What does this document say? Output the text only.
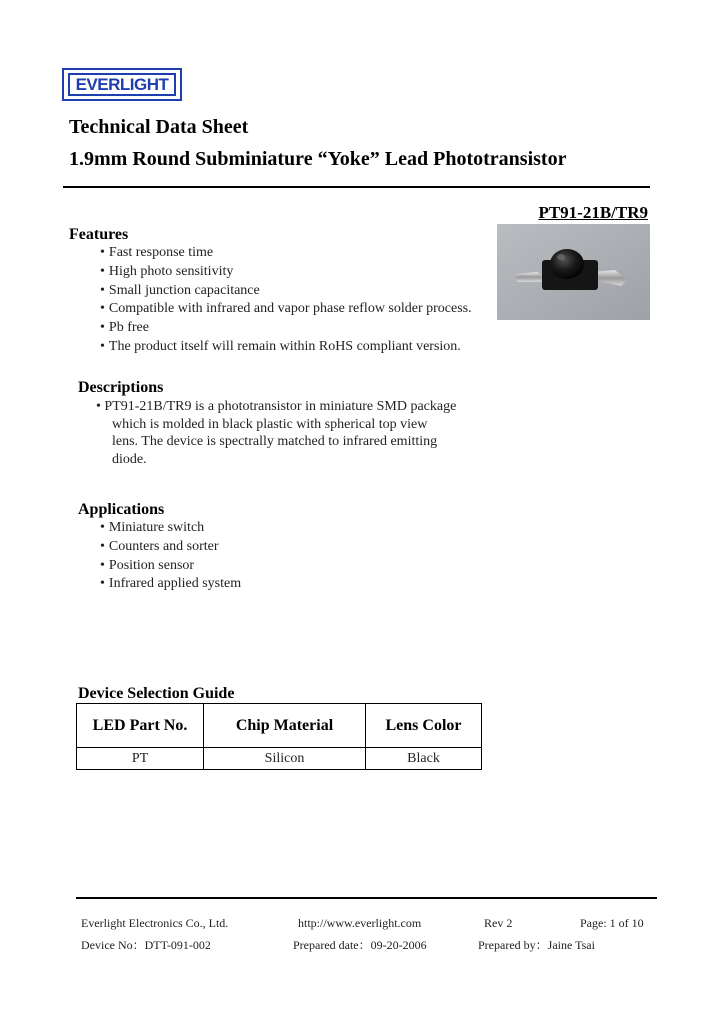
EVERLIGHT
Technical Data Sheet
1.9mm Round Subminiature “Yoke” Lead Phototransistor
PT91-21B/TR9
Features
• Fast response time
• High photo sensitivity
• Small junction capacitance
• Compatible with infrared and vapor phase reflow solder process.
• Pb free
• The product itself will remain within RoHS compliant version.
Descriptions
• PT91-21B/TR9 is a phototransistor in miniature SMD package
which is molded in black plastic with spherical top view
lens. The device is spectrally matched to infrared emitting
diode.
Applications
• Miniature switch
• Counters and sorter
• Position sensor
• Infrared applied system
Device Selection Guide
LED Part No.	Chip Material	Lens Color
PT	Silicon	Black
Everlight Electronics Co., Ltd.	http://www.everlight.com	Rev 2	Page: 1 of 10
Device No：DTT-091-002	Prepared date：09-20-2006	Prepared by：Jaine Tsai
